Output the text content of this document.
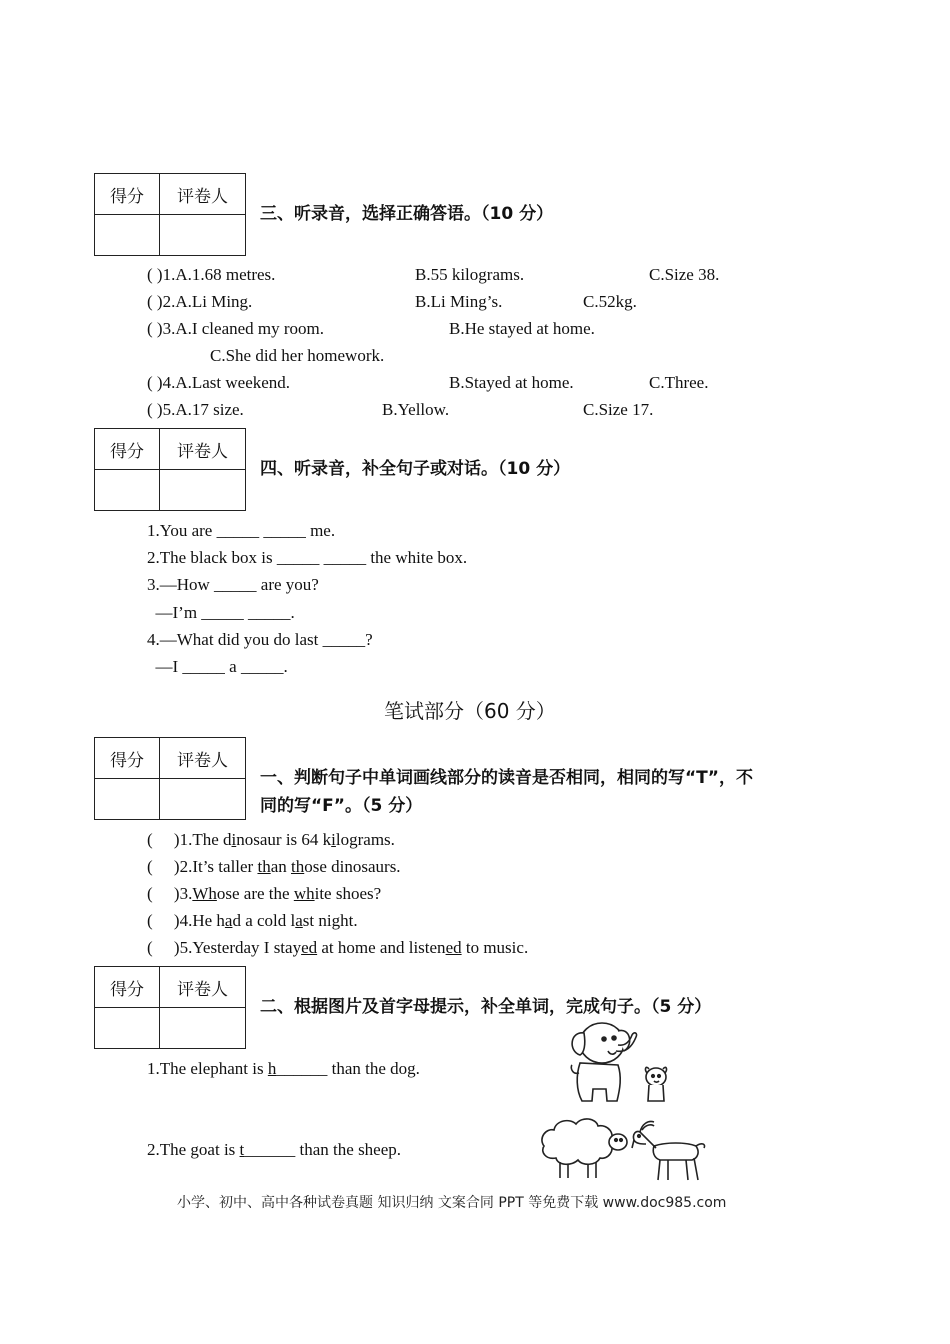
得分	评卷人

三、听录音，选择正确答语。（10 分）
( )1.A.1.68 metres.	B.55 kilograms.	C.Size 38.
( )2.A.Li Ming.	B.Li Ming’s.	C.52kg.
( )3.A.I cleaned my room.	B.He stayed at home.
C.She did her homework.
( )4.A.Last weekend.	B.Stayed at home.	C.Three.
( )5.A.17 size.	B.Yellow.	C.Size 17.
得分	评卷人

四、听录音，补全句子或对话。（10 分）
1.You are _____ _____ me.
2.The black box is _____ _____ the white box.
3.—How _____ are you?
—I’m _____ _____.
4.—What did you do last _____?
—I _____ a _____.
笔试部分（60 分）
得分	评卷人

一、判断句子中单词画线部分的读音是否相同，相同的写“T”，不
同的写“F”。（5 分）
(     )1.The dinosaur is 64 kilograms.
(     )2.It’s taller than those dinosaurs.
(     )3.Whose are the white shoes?
(     )4.He had a cold last night.
(     )5.Yesterday I stayed at home and listened to music.
得分	评卷人

二、根据图片及首字母提示，补全单词，完成句子。（5 分）
1.The elephant is h______ than the dog.
2.The goat is t______ than the sheep.
小学、初中、高中各种试卷真题 知识归纳 文案合同 PPT 等免费下载 www.doc985.com
